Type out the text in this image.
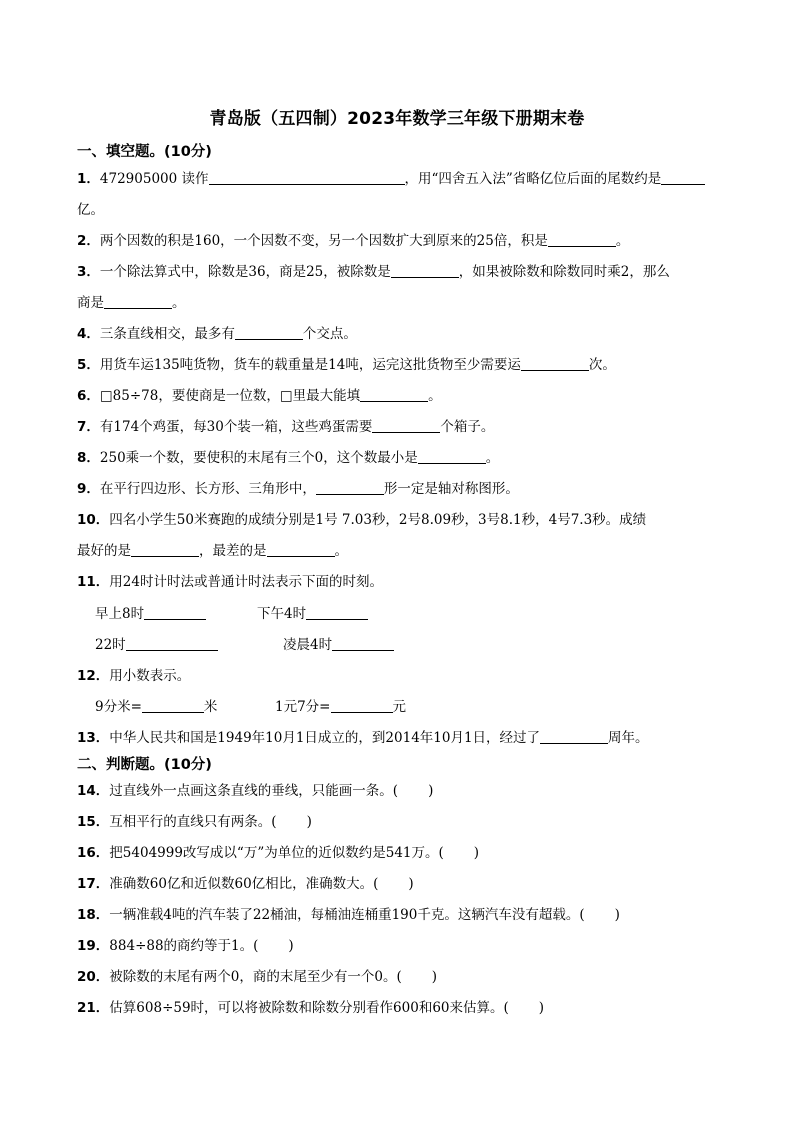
青岛版（五四制）2023年数学三年级下册期末卷
一、填空题。(10分)
1．472905000 读作	，用“四舍五入法”省略亿位后面的尾数约是
亿。
2．两个因数的积是160，一个因数不变，另一个因数扩大到原来的25倍，积是	。
3．一个除法算式中，除数是36，商是25，被除数是	，如果被除数和除数同时乘2，那么
商是	。
4．三条直线相交，最多有	个交点。
5．用货车运135吨货物，货车的载重量是14吨，运完这批货物至少需要运	次。
6．□85÷78，要使商是一位数，□里最大能填	。
7．有174个鸡蛋，每30个装一箱，这些鸡蛋需要	个箱子。
8．250乘一个数，要使积的末尾有三个0，这个数最小是	。
9．在平行四边形、长方形、三角形中，	形一定是轴对称图形。
10．四名小学生50米赛跑的成绩分别是1号 7.03秒，2号8.09秒，3号8.1秒，4号7.3秒。成绩
最好的是	，最差的是	。
11．用24时计时法或普通计时法表示下面的时刻。
早上8时	下午4时
22时	凌晨4时
12．用小数表示。
9分米=	米	1元7分=	元
13．中华人民共和国是1949年10月1日成立的，到2014年10月1日，经过了	周年。
二、判断题。(10分)
14．过直线外一点画这条直线的垂线，只能画一条。( )
15．互相平行的直线只有两条。( )
16．把5404999改写成以“万”为单位的近似数约是541万。( )
17．准确数60亿和近似数60亿相比，准确数大。( )
18．一辆准载4吨的汽车装了22桶油，每桶油连桶重190千克。这辆汽车没有超载。( )
19．884÷88的商约等于1。( )
20．被除数的末尾有两个0，商的末尾至少有一个0。( )
21．估算608÷59时，可以将被除数和除数分别看作600和60来估算。( )
